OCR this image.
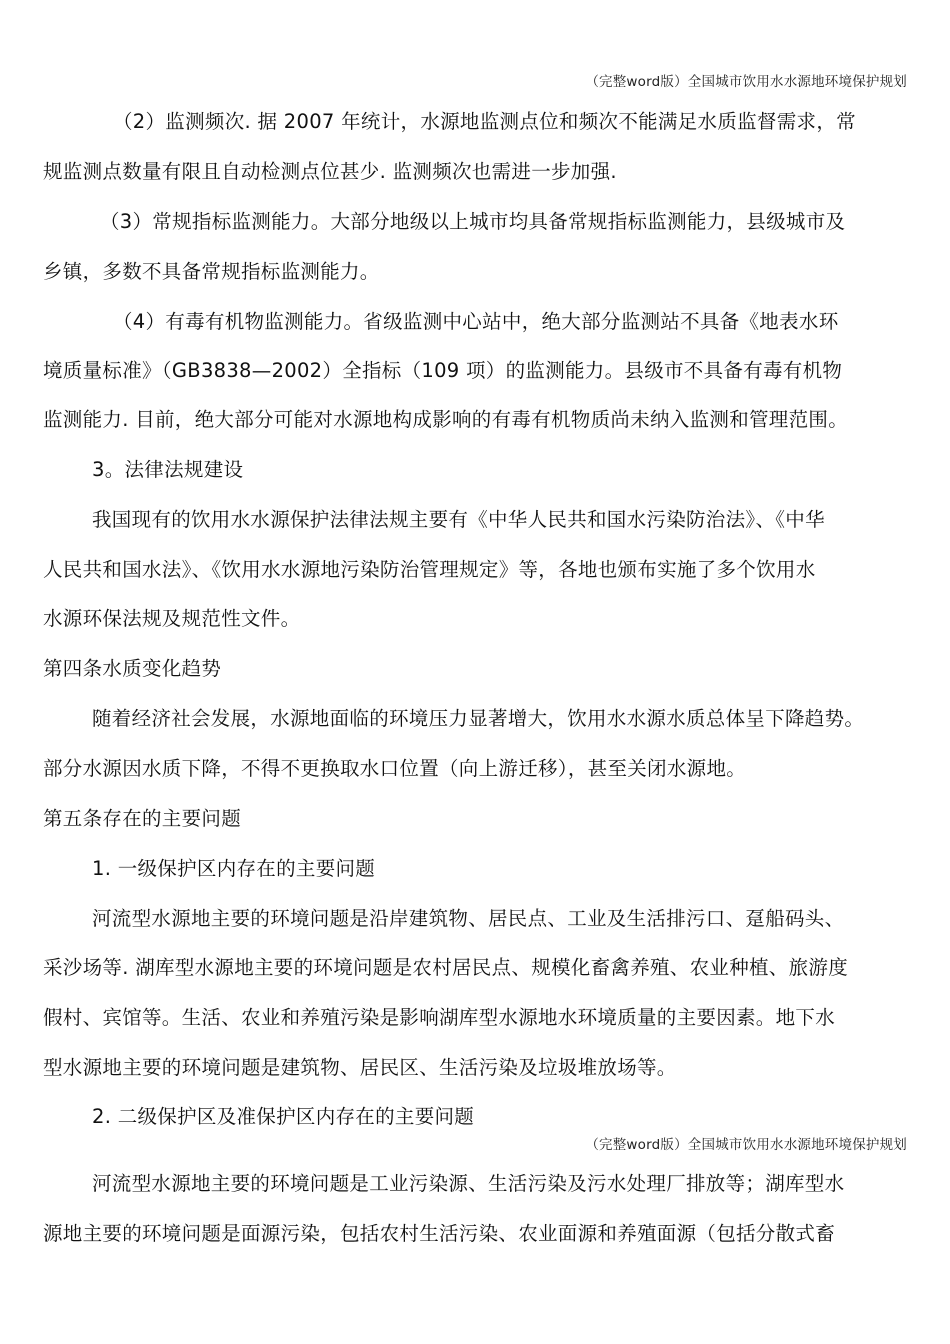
（完整word版）全国城市饮用水水源地环境保护规划
（2）监测频次. 据 2007 年统计，水源地监测点位和频次不能满足水质监督需求，常
规监测点数量有限且自动检测点位甚少. 监测频次也需进一步加强.
（3）常规指标监测能力。大部分地级以上城市均具备常规指标监测能力，县级城市及
乡镇，多数不具备常规指标监测能力。
（4）有毒有机物监测能力。省级监测中心站中，绝大部分监测站不具备《地表水环
境质量标准》（GB3838—2002）全指标（109 项）的监测能力。县级市不具备有毒有机物
监测能力. 目前，绝大部分可能对水源地构成影响的有毒有机物质尚未纳入监测和管理范围。
3。法律法规建设
我国现有的饮用水水源保护法律法规主要有《中华人民共和国水污染防治法》、《中华
人民共和国水法》、《饮用水水源地污染防治管理规定》等，各地也颁布实施了多个饮用水
水源环保法规及规范性文件。
第四条水质变化趋势
随着经济社会发展，水源地面临的环境压力显著增大，饮用水水源水质总体呈下降趋势。
部分水源因水质下降，不得不更换取水口位置（向上游迁移），甚至关闭水源地。
第五条存在的主要问题
1. 一级保护区内存在的主要问题
河流型水源地主要的环境问题是沿岸建筑物、居民点、工业及生活排污口、趸船码头、
采沙场等. 湖库型水源地主要的环境问题是农村居民点、规模化畜禽养殖、农业种植、旅游度
假村、宾馆等。生活、农业和养殖污染是影响湖库型水源地水环境质量的主要因素。地下水
型水源地主要的环境问题是建筑物、居民区、生活污染及垃圾堆放场等。
2. 二级保护区及准保护区内存在的主要问题
（完整word版）全国城市饮用水水源地环境保护规划
河流型水源地主要的环境问题是工业污染源、生活污染及污水处理厂排放等；湖库型水
源地主要的环境问题是面源污染，包括农村生活污染、农业面源和养殖面源（包括分散式畜
